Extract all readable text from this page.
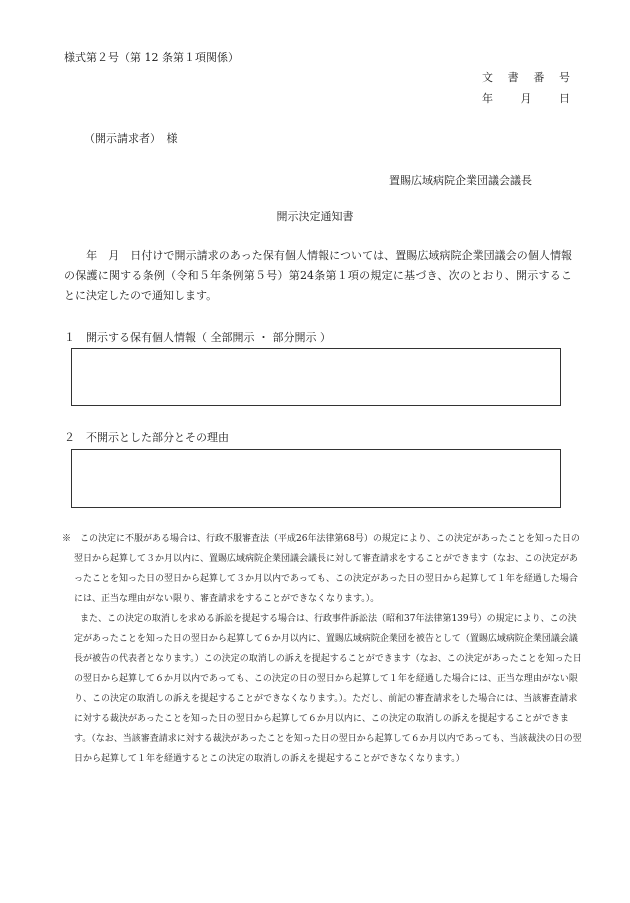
様式第２号（第 12 条第１項関係）
文書番号
年　月　日
（開示請求者）　様
置賜広域病院企業団議会議長
開示決定通知書

　　年　月　日付けで開示請求のあった保有個人情報については、置賜広域病院企業団議会の個人情報の保護に関する条例（令和５年条例第５号）第24条第１項の規定に基づき、次のとおり、開示することに決定したので通知します。

１　開示する保有個人情報（ 全部開示 ・ 部分開示 ）
２　不開示とした部分とその理由

※　この決定に不服がある場合は、行政不服審査法（平成26年法律第68号）の規定により、この決定があったことを知った日の翌日から起算して３か月以内に、置賜広域病院企業団議会議長に対して審査請求をすることができます（なお、この決定があったことを知った日の翌日から起算して３か月以内であっても、この決定があった日の翌日から起算して１年を経過した場合には、正当な理由がない限り、審査請求をすることができなくなります。）。

また、この決定の取消しを求める訴訟を提起する場合は、行政事件訴訟法（昭和37年法律第139号）の規定により、この決定があったことを知った日の翌日から起算して６か月以内に、置賜広域病院企業団を被告として（置賜広域病院企業団議会議長が被告の代表者となります。）この決定の取消しの訴えを提起することができます（なお、この決定があったことを知った日の翌日から起算して６か月以内であっても、この決定の日の翌日から起算して１年を経過した場合には、正当な理由がない限り、この決定の取消しの訴えを提起することができなくなります。）。ただし、前記の審査請求をした場合には、当該審査請求に対する裁決があったことを知った日の翌日から起算して６か月以内に、この決定の取消しの訴えを提起することができます。（なお、当該審査請求に対する裁決があったことを知った日の翌日から起算して６か月以内であっても、当該裁決の日の翌日から起算して１年を経過するとこの決定の取消しの訴えを提起することができなくなります。）
